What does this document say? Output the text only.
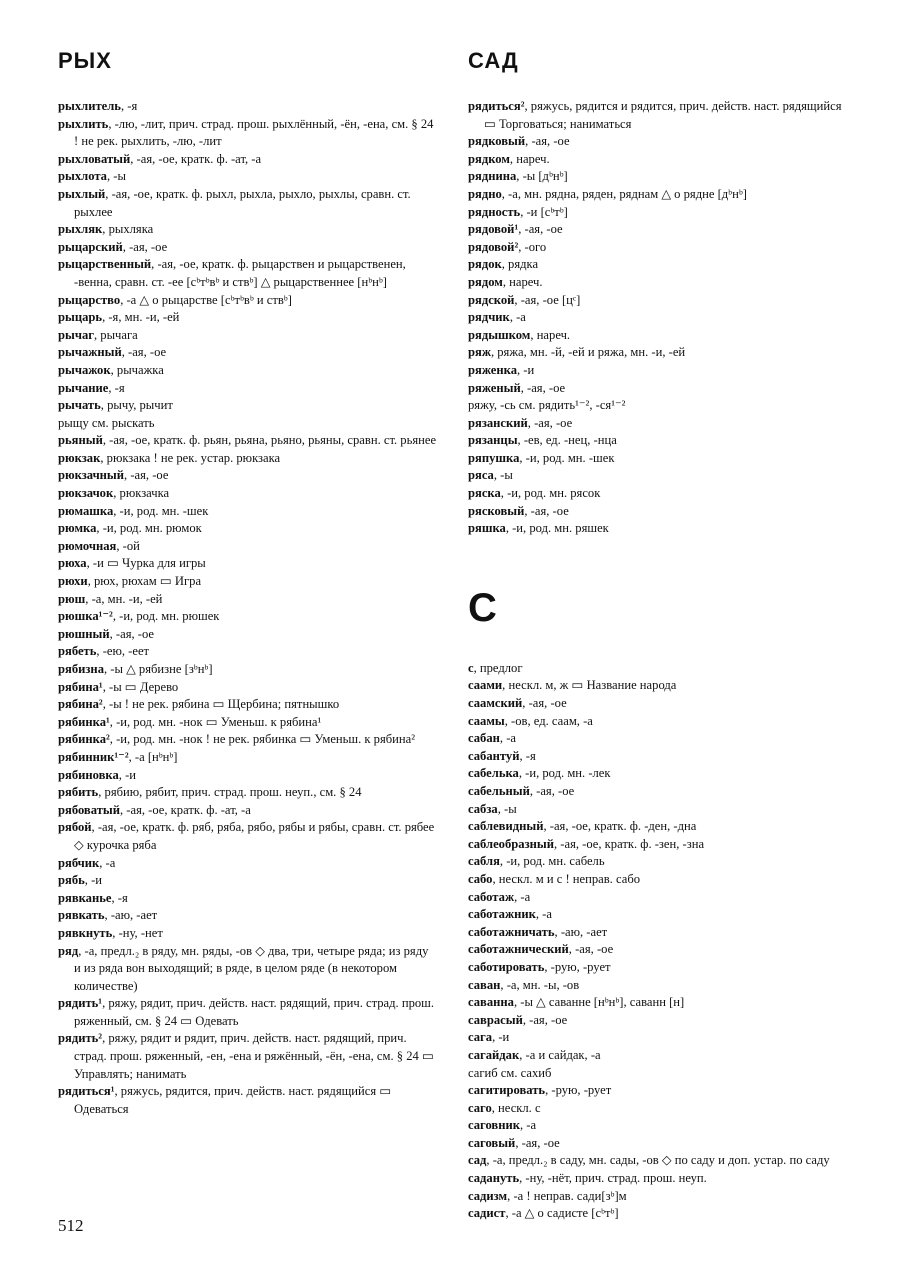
РЫХ
рыхлитель, -я
рыхлить, -лю, -лит, прич. страд. прош. рыхлённый, -ён, -ена, см. § 24 ! не рек. рыхлить, -лю, -лит
рыхловатый, -ая, -ое, кратк. ф. -ат, -а
рыхлота, -ы
рыхлый, -ая, -ое, кратк. ф. рыхл, рыхла, рыхло, рыхлы, сравн. ст. рыхлее
рыхляк, рыхляка
рыцарский, -ая, -ое
рыцарственный, -ая, -ое, кратк. ф. рыцарствен и рыцарственен, -венна, сравн. ст. -ее [сᵇтᵇвᵇ и ствᵇ] △ рыцарственнее [нᵇнᵇ]
рыцарство, -а △ о рыцарстве [сᵇтᵇвᵇ и ствᵇ]
рыцарь, -я, мн. -и, -ей
рычаг, рычага
рычажный, -ая, -ое
рычажок, рычажка
рычание, -я
рычать, рычу, рычит
рыщу см. рыскать
рьяный, -ая, -ое, кратк. ф. рьян, рьяна, рьяно, рьяны, сравн. ст. рьянее
рюкзак, рюкзака ! не рек. устар. рюкзака
рюкзачный, -ая, -ое
рюкзачок, рюкзачка
рюмашка, -и, род. мн. -шек
рюмка, -и, род. мн. рюмок
рюмочная, -ой
рюха, -и ▭ Чурка для игры
рюхи, рюх, рюхам ▭ Игра
рюш, -а, мн. -и, -ей
рюшка¹⁻², -и, род. мн. рюшек
рюшный, -ая, -ое
рябеть, -ею, -еет
рябизна, -ы △ рябизне [зᵇнᵇ]
рябина¹, -ы ▭ Дерево
рябина², -ы ! не рек. рябина ▭ Щербина; пятнышко
рябинка¹, -и, род. мн. -нок ▭ Уменьш. к рябина¹
рябинка², -и, род. мн. -нок ! не рек. рябинка ▭ Уменьш. к рябина²
рябинник¹⁻², -а [нᵇнᵇ]
рябиновка, -и
рябить, рябию, рябит, прич. страд. прош. неуп., см. § 24
рябоватый, -ая, -ое, кратк. ф. -ат, -а
рябой, -ая, -ое, кратк. ф. ряб, ряба, рябо, рябы и рябы, сравн. ст. рябее ◇ курочка ряба
рябчик, -а
рябь, -и
рявканье, -я
рявкать, -аю, -ает
рявкнуть, -ну, -нет
ряд, -а, предл.₂ в ряду, мн. ряды, -ов ◇ два, три, четыре ряда; из ряду и из ряда вон выходящий; в ряде, в целом ряде (в некотором количестве)
рядить¹, ряжу, рядит, прич. действ. наст. рядящий, прич. страд. прош. ряженный, см. § 24 ▭ Одевать
рядить², ряжу, рядит и рядит, прич. действ. наст. рядящий, прич. страд. прош. ряженный, -ен, -ена и ряжённый, -ён, -ена, см. § 24 ▭ Управлять; нанимать
рядиться¹, ряжусь, рядится, прич. действ. наст. рядящийся ▭ Одеваться
САД
рядиться², ряжусь, рядится и рядится, прич. действ. наст. рядящийся ▭ Торговаться; наниматься
рядковый, -ая, -ое
рядком, нареч.
ряднина, -ы [дᵇнᵇ]
рядно, -а, мн. рядна, ряден, ряднам △ о рядне [дᵇнᵇ]
рядность, -и [сᵇтᵇ]
рядовой¹, -ая, -ое
рядовой², -ого
рядок, рядка
рядом, нареч.
рядской, -ая, -ое [цᶜ]
рядчик, -а
рядышком, нареч.
ряж, ряжа, мн. -й, -ей и ряжа, мн. -и, -ей
ряженка, -и
ряженый, -ая, -ое
ряжу, -сь см. рядить¹⁻², -ся¹⁻²
рязанский, -ая, -ое
рязанцы, -ев, ед. -нец, -нца
ряпушка, -и, род. мн. -шек
ряса, -ы
ряска, -и, род. мн. рясок
рясковый, -ая, -ое
ряшка, -и, род. мн. ряшек
С
с, предлог
саами, нескл. м, ж ▭ Название народа
саамский, -ая, -ое
саамы, -ов, ед. саам, -а
сабан, -а
сабантуй, -я
сабелька, -и, род. мн. -лек
сабельный, -ая, -ое
сабза, -ы
саблевидный, -ая, -ое, кратк. ф. -ден, -дна
саблеобразный, -ая, -ое, кратк. ф. -зен, -зна
сабля, -и, род. мн. сабель
сабо, нескл. м и с ! неправ. сабо
саботаж, -а
саботажник, -а
саботажничать, -аю, -ает
саботажнический, -ая, -ое
саботировать, -рую, -рует
саван, -а, мн. -ы, -ов
саванна, -ы △ саванне [нᵇнᵇ], саванн [н]
саврасый, -ая, -ое
сага, -и
сагайдак, -а и сайдак, -а
сагиб см. сахиб
сагитировать, -рую, -рует
саго, нескл. с
саговник, -а
саговый, -ая, -ое
сад, -а, предл.₂ в саду, мн. сады, -ов ◇ по саду и доп. устар. по саду
садануть, -ну, -нёт, прич. страд. прош. неуп.
садизм, -а ! неправ. сади[зᵇ]м
садист, -а △ о садисте [сᵇтᵇ]
512
